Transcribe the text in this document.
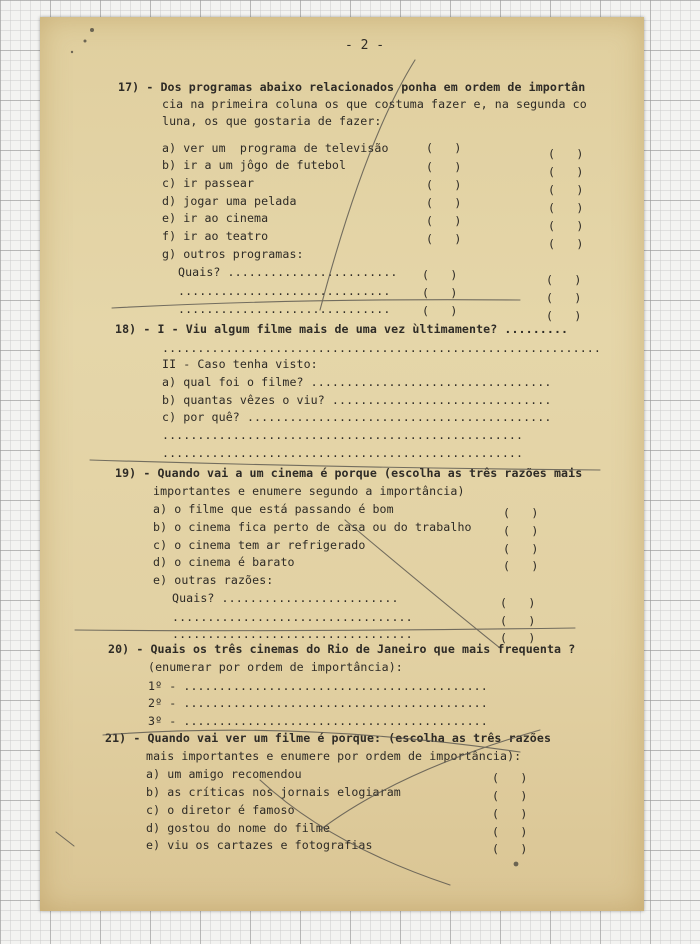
- 2 -
17) - Dos programas abaixo relacionados ponha em ordem de importân
cia na primeira coluna os que costuma fazer e, na segunda co
luna, os que gostaria de fazer:
a) ver um  programa de televisão
b) ir a um jôgo de futebol
c) ir passear
d) jogar uma pelada
e) ir ao cinema
f) ir ao teatro
g) outros programas:
Quais? ........................
..............................
..............................
(   )
(   )
(   )
(   )
(   )
(   )
(   )
(   )
(   )
(   )
(   )
(   )
(   )
(   )
(   )
(   )
(   )
(   )
18) - I - Viu algum filme mais de uma vez ùltimamente? .........
..............................................................
II - Caso tenha visto:
a) qual foi o filme? ..................................
b) quantas vêzes o viu? ...............................
c) por quê? ...........................................
...................................................
...................................................
19) - Quando vai a um cinema é porque (escolha as três razões mais
importantes e enumere segundo a importância)
a) o filme que está passando é bom
b) o cinema fica perto de casa ou do trabalho
c) o cinema tem ar refrigerado
d) o cinema é barato
e) outras razões:
Quais? .........................
..................................
..................................
(   )
(   )
(   )
(   )
(   )
(   )
(   )
20) - Quais os três cinemas do Rio de Janeiro que mais frequenta ?
(enumerar por ordem de importância):
1º - ...........................................
2º - ...........................................
3º - ...........................................
21) - Quando vai ver um filme é porque: (escolha as três razões
mais importantes e enumere por ordem de importância):
a) um amigo recomendou
b) as críticas nos jornais elogiaram
c) o diretor é famoso
d) gostou do nome do filme
e) viu os cartazes e fotografias
(   )
(   )
(   )
(   )
(   )
